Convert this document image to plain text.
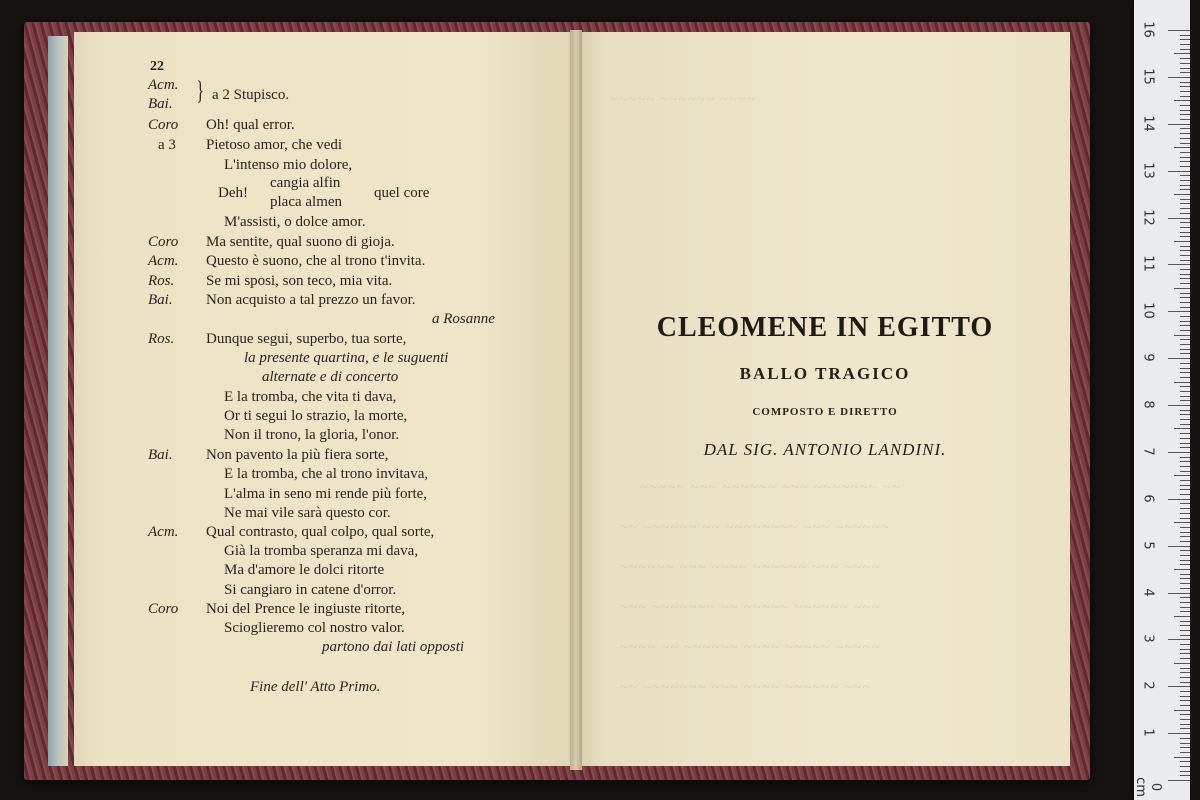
~~~~~ ~~~~~~ ~~~~
~~~~~ ~~~ ~~~~~~ ~~~ ~~~~~~~ ~~
~~ ~~~~~~ ~~ ~~~~~~~~ ~~~ ~~~~~~
~~~~~~ ~~~ ~~~~ ~~~~~~ ~~~ ~~~~
~~~ ~~~~~~~ ~~ ~~~~~ ~~~~~~ ~~~
~~~~ ~~ ~~~~~~ ~~~~ ~~~~~ ~~~~~
~~ ~~~~~~~ ~~~ ~~~~ ~~~~~~ ~~~
22
Acm.
Bai. } a 2 Stupisco.
Coro Oh! qual error.
a 3 Pietoso amor, che vedi
L'intenso mio dolore,
Deh!
cangia alfin
placa almen
quel core
M'assisti, o dolce amor.
Coro Ma sentite, qual suono di gioja.
Acm. Questo è suono, che al trono t'invita.
Ros. Se mi sposi, son teco, mia vita.
Bai. Non acquisto a tal prezzo un favor.
a Rosanne
Ros. Dunque segui, superbo, tua sorte,
la presente quartina, e le suguenti
alternate e di concerto
E la tromba, che vita ti dava,
Or ti segui lo strazio, la morte,
Non il trono, la gloria, l'onor.
Bai. Non pavento la più fiera sorte,
E la tromba, che al trono invitava,
L'alma in seno mi rende più forte,
Ne mai vile sarà questo cor.
Acm. Qual contrasto, qual colpo, qual sorte,
Già la tromba speranza mi dava,
Ma d'amore le dolci ritorte
Si cangiaro in catene d'orror.
Coro Noi del Prence le ingiuste ritorte,
Scioglieremo col nostro valor.
partono dai lati opposti
Fine dell' Atto Primo.
CLEOMENE IN EGITTO
BALLO TRAGICO
COMPOSTO E DIRETTO
DAL SIG. ANTONIO LANDINI.
16
15
14
13
12
11
10
9
8
7
6
5
4
3
2
1
0 cm
